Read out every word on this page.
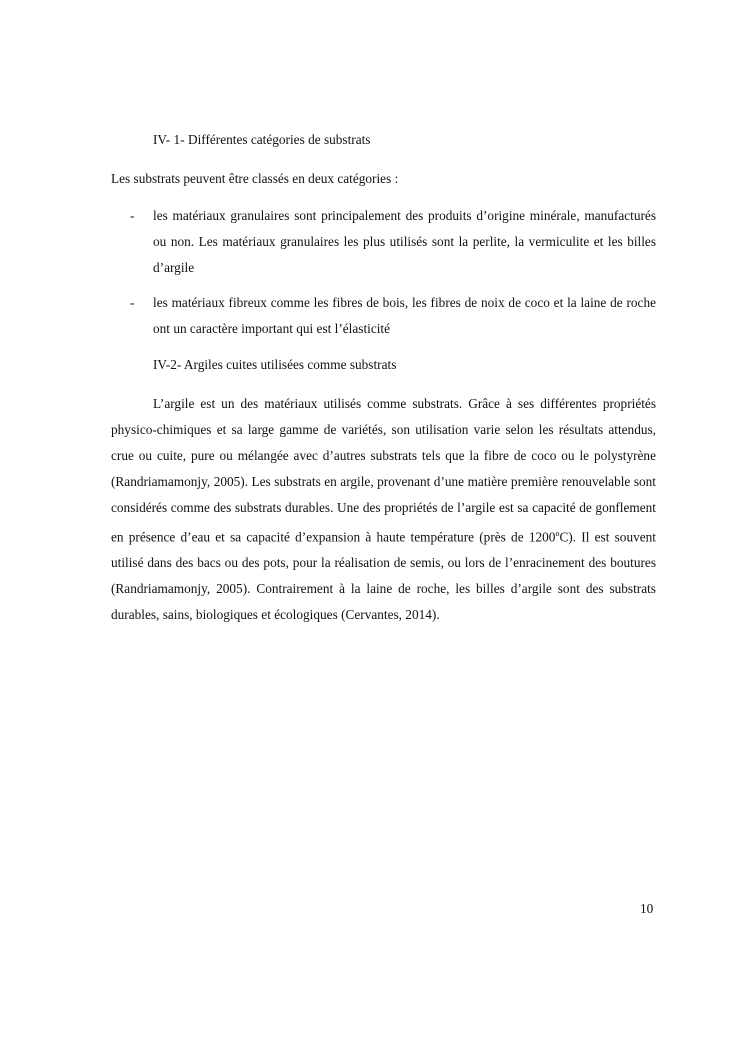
IV- 1- Différentes catégories de substrats
Les substrats peuvent être classés en deux catégories :
- les matériaux granulaires sont principalement des produits d’origine minérale, manufacturés ou non. Les matériaux granulaires les plus utilisés sont la perlite, la vermiculite et les billes d’argile
- les matériaux fibreux comme les fibres de bois, les fibres de noix de coco et la laine de roche ont un caractère important qui est l’élasticité
IV-2- Argiles cuites utilisées comme substrats
L’argile est un des matériaux utilisés comme substrats. Grâce à ses différentes propriétés physico-chimiques et sa large gamme de variétés, son utilisation varie selon les résultats attendus, crue ou cuite, pure ou mélangée avec d’autres substrats tels que la fibre de coco ou le polystyrène (Randriamamonjy, 2005). Les substrats en argile, provenant d’une matière première renouvelable sont considérés comme des substrats durables. Une des propriétés de l’argile est sa capacité de gonflement en présence d’eau et sa capacité d’expansion à haute température (près de 1200$^o$C). Il est souvent utilisé dans des bacs ou des pots, pour la réalisation de semis, ou lors de l’enracinement des boutures (Randriamamonjy, 2005). Contrairement à la laine de roche, les billes d’argile sont des substrats durables, sains, biologiques et écologiques (Cervantes, 2014).
10
